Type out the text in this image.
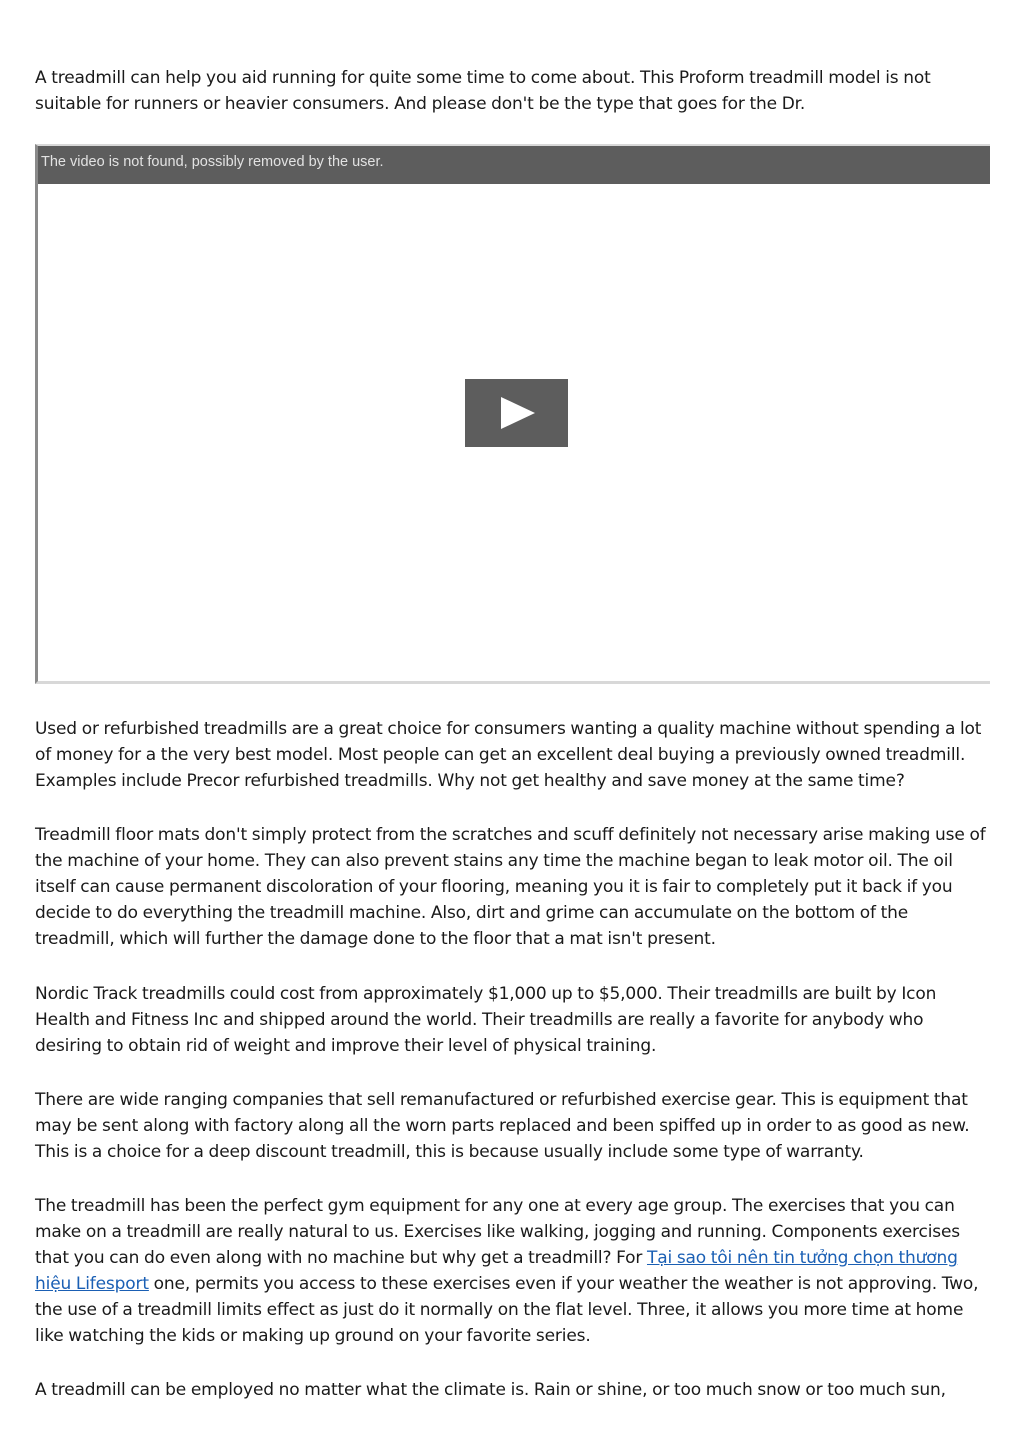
A treadmill can help you aid running for quite some time to come about. This Proform treadmill model is not suitable for runners or heavier consumers. And please don't be the type that goes for the Dr.

The video is not found, possibly removed by the user.

Used or refurbished treadmills are a great choice for consumers wanting a quality machine without spending a lot of money for a the very best model. Most people can get an excellent deal buying a previously owned treadmill. Examples include Precor refurbished treadmills. Why not get healthy and save money at the same time?

Treadmill floor mats don't simply protect from the scratches and scuff definitely not necessary arise making use of the machine of your home. They can also prevent stains any time the machine began to leak motor oil. The oil itself can cause permanent discoloration of your flooring, meaning you it is fair to completely put it back if you decide to do everything the treadmill machine. Also, dirt and grime can accumulate on the bottom of the treadmill, which will further the damage done to the floor that a mat isn't present.

Nordic Track treadmills could cost from approximately $1,000 up to $5,000. Their treadmills are built by Icon Health and Fitness Inc and shipped around the world. Their treadmills are really a favorite for anybody who desiring to obtain rid of weight and improve their level of physical training.

There are wide ranging companies that sell remanufactured or refurbished exercise gear. This is equipment that may be sent along with factory along all the worn parts replaced and been spiffed up in order to as good as new. This is a choice for a deep discount treadmill, this is because usually include some type of warranty.

The treadmill has been the perfect gym equipment for any one at every age group. The exercises that you can make on a treadmill are really natural to us. Exercises like walking, jogging and running. Components exercises that you can do even along with no machine but why get a treadmill? For Tại sao tôi nên tin tưởng chọn thương hiệu Lifesport one, permits you access to these exercises even if your weather the weather is not approving. Two, the use of a treadmill limits effect as just do it normally on the flat level. Three, it allows you more time at home like watching the kids or making up ground on your favorite series.

A treadmill can be employed no matter what the climate is. Rain or shine, or too much snow or too much sun,
